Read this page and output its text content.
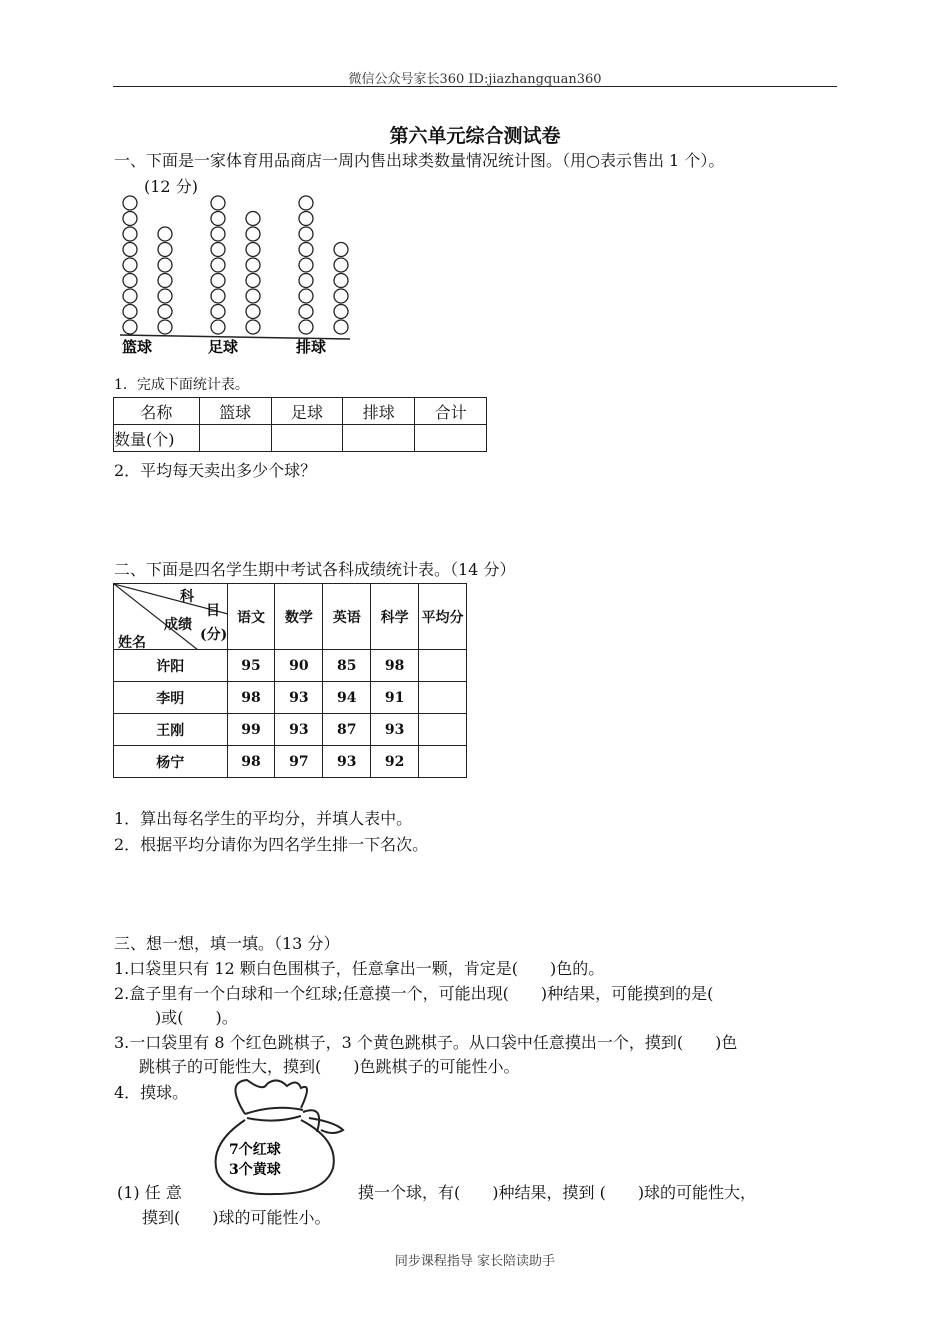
微信公众号家长360 ID:jiazhangquan360
第六单元综合测试卷
一、下面是一家体育用品商店一周内售出球类数量情况统计图。（用○表示售出 1 个）。
(12 分)
篮球	足球	排球
1．完成下面统计表。
名称	篮球	足球	排球	合计
数量(个)				
2．平均每天卖出多少个球？
二、下面是四名学生期中考试各科成绩统计表。（14 分）
科
目
成绩
(分)
姓名	语文	数学	英语	科学	平均分
许阳	95	90	85	98	
李明	98	93	94	91	
王刚	99	93	87	93	
杨宁	98	97	93	92	
1．算出每名学生的平均分，并填人表中。
2．根据平均分请你为四名学生排一下名次。
三、想一想，填一填。（13 分）
1.口袋里只有 12 颗白色围棋子，任意拿出一颗，肯定是(　　)色的。
2.盒子里有一个白球和一个红球;任意摸一个，可能出现(　　)种结果，可能摸到的是(
　)或(　　)。
3.一口袋里有 8 个红色跳棋子，3 个黄色跳棋子。从口袋中任意摸出一个，摸到(　　)色
跳棋子的可能性大，摸到(　　)色跳棋子的可能性小。
4．摸球。
7个红球
3个黄球
(1) 任 意	摸一个球，有(　　)种结果，摸到 (　　)球的可能性大，
摸到(　　)球的可能性小。
同步课程指导 家长陪读助手
